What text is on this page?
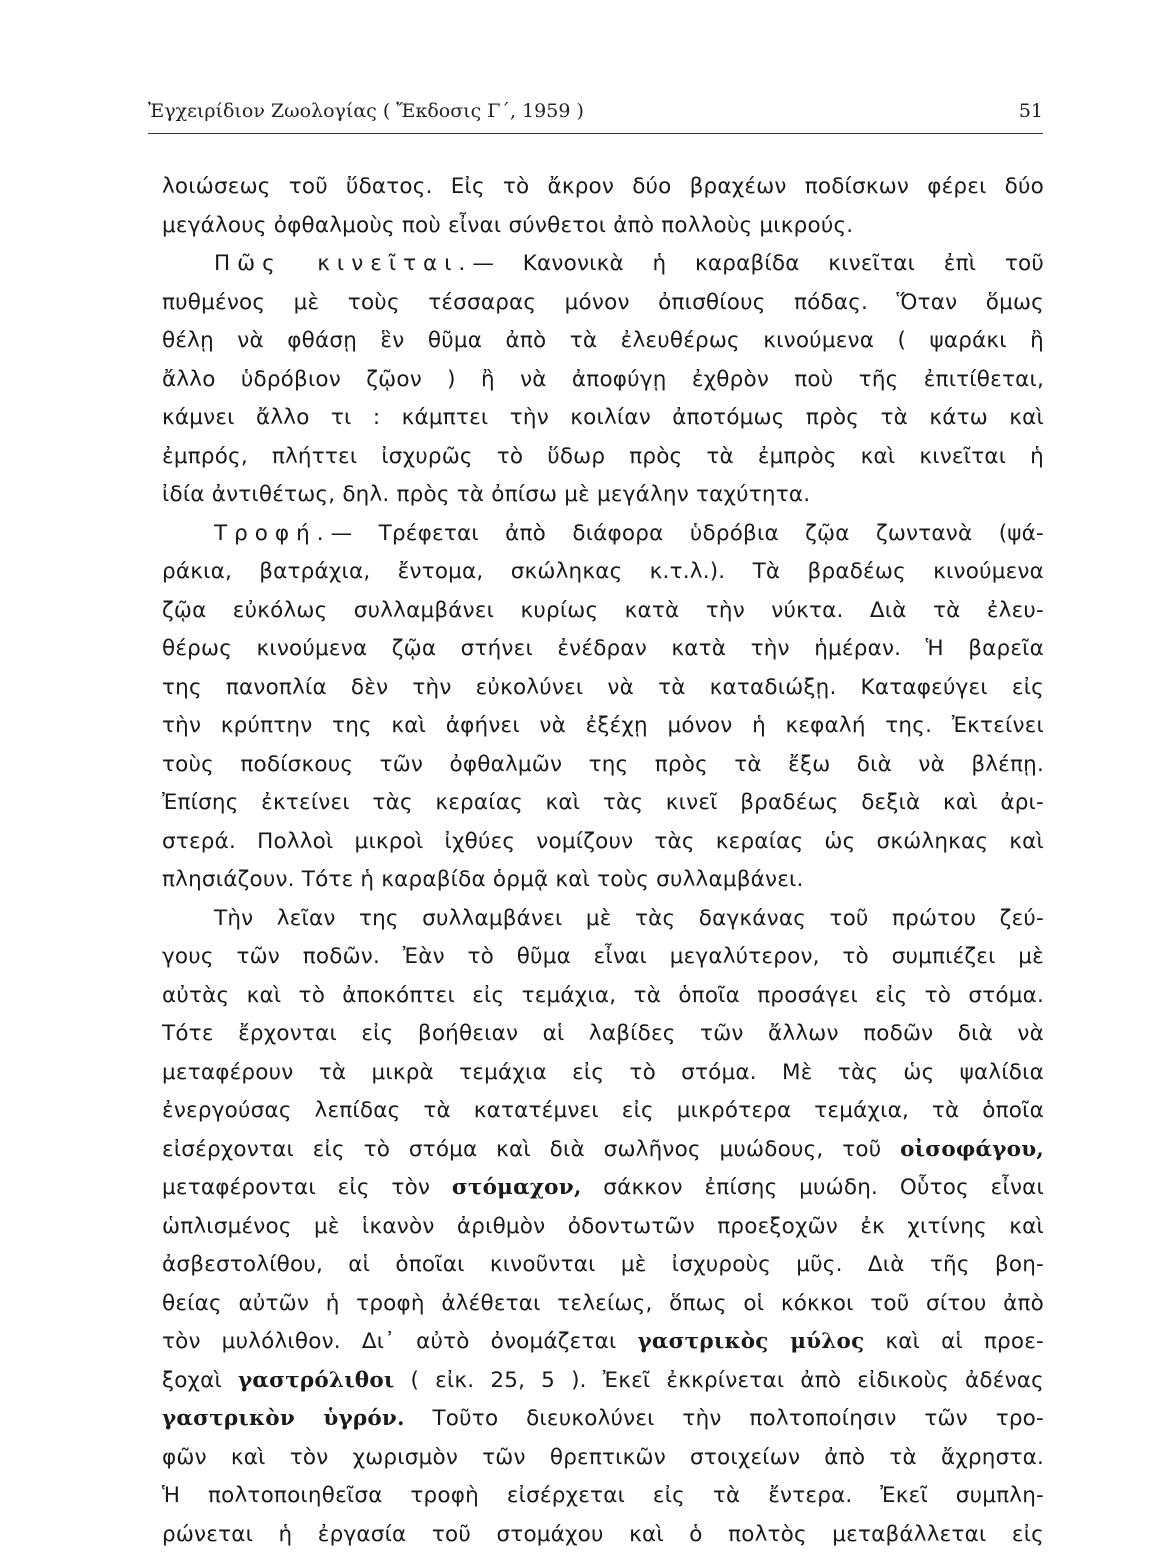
Ἐγχειρίδιον Ζωολογίας ( Ἔκδοσις Γ´, 1959 )	51
λοιώσεως τοῦ ὕδατος. Εἰς τὸ ἄκρον δύο βραχέων ποδίσκων φέρει δύο
μεγάλους ὀφθαλμοὺς ποὺ εἶναι σύνθετοι ἀπὸ πολλοὺς μικρούς.
Πῶς κινεῖται.— Κανονικὰ ἡ καραβίδα κινεῖται ἐπὶ τοῦ
πυθμένος μὲ τοὺς τέσσαρας μόνον ὀπισθίους πόδας. Ὅταν ὅμως
θέλῃ νὰ φθάσῃ ἓν θῦμα ἀπὸ τὰ ἐλευθέρως κινούμενα ( ψαράκι ἢ
ἄλλο ὑδρόβιον ζῷον ) ἢ νὰ ἀποφύγῃ ἐχθρὸν ποὺ τῆς ἐπιτίθεται,
κάμνει ἄλλο τι : κάμπτει τὴν κοιλίαν ἀποτόμως πρὸς τὰ κάτω καὶ
ἐμπρός, πλήττει ἰσχυρῶς τὸ ὕδωρ πρὸς τὰ ἐμπρὸς καὶ κινεῖται ἡ
ἰδία ἀντιθέτως, δηλ. πρὸς τὰ ὀπίσω μὲ μεγάλην ταχύτητα.
Τροφή.— Τρέφεται ἀπὸ διάφορα ὑδρόβια ζῷα ζωντανὰ (ψά-
ράκια, βατράχια, ἔντομα, σκώληκας κ.τ.λ.). Τὰ βραδέως κινούμενα
ζῷα εὐκόλως συλλαμβάνει κυρίως κατὰ τὴν νύκτα. Διὰ τὰ ἐλευ-
θέρως κινούμενα ζῷα στήνει ἐνέδραν κατὰ τὴν ἡμέραν. Ἡ βαρεῖα
της πανοπλία δὲν τὴν εὐκολύνει νὰ τὰ καταδιώξῃ. Καταφεύγει εἰς
τὴν κρύπτην της καὶ ἀφήνει νὰ ἐξέχῃ μόνον ἡ κεφαλή της. Ἐκτείνει
τοὺς ποδίσκους τῶν ὀφθαλμῶν της πρὸς τὰ ἔξω διὰ νὰ βλέπῃ.
Ἐπίσης ἐκτείνει τὰς κεραίας καὶ τὰς κινεῖ βραδέως δεξιὰ καὶ ἀρι-
στερά. Πολλοὶ μικροὶ ἰχθύες νομίζουν τὰς κεραίας ὡς σκώληκας καὶ
πλησιάζουν. Τότε ἡ καραβίδα ὁρμᾷ καὶ τοὺς συλλαμβάνει.
Τὴν λεῖαν της συλλαμβάνει μὲ τὰς δαγκάνας τοῦ πρώτου ζεύ-
γους τῶν ποδῶν. Ἐὰν τὸ θῦμα εἶναι μεγαλύτερον, τὸ συμπιέζει μὲ
αὐτὰς καὶ τὸ ἀποκόπτει εἰς τεμάχια, τὰ ὁποῖα προσάγει εἰς τὸ στόμα.
Τότε ἔρχονται εἰς βοήθειαν αἱ λαβίδες τῶν ἄλλων ποδῶν διὰ νὰ
μεταφέρουν τὰ μικρὰ τεμάχια εἰς τὸ στόμα. Μὲ τὰς ὡς ψαλίδια
ἐνεργούσας λεπίδας τὰ κατατέμνει εἰς μικρότερα τεμάχια, τὰ ὁποῖα
εἰσέρχονται εἰς τὸ στόμα καὶ διὰ σωλῆνος μυώδους, τοῦ οἰσοφάγου,
μεταφέρονται εἰς τὸν στόμαχον, σάκκον ἐπίσης μυώδη. Οὗτος εἶναι
ὡπλισμένος μὲ ἱκανὸν ἀριθμὸν ὀδοντωτῶν προεξοχῶν ἐκ χιτίνης καὶ
ἀσβεστολίθου, αἱ ὁποῖαι κινοῦνται μὲ ἰσχυροὺς μῦς. Διὰ τῆς βοη-
θείας αὐτῶν ἡ τροφὴ ἀλέθεται τελείως, ὅπως οἱ κόκκοι τοῦ σίτου ἀπὸ
τὸν μυλόλιθον. Δι᾽ αὐτὸ ὀνομάζεται γαστρικὸς μύλος καὶ αἱ προε-
ξοχαὶ γαστρόλιθοι ( εἰκ. 25, 5 ). Ἐκεῖ ἐκκρίνεται ἀπὸ εἰδικοὺς ἀδένας
γαστρικὸν ὑγρόν. Τοῦτο διευκολύνει τὴν πολτοποίησιν τῶν τρο-
φῶν καὶ τὸν χωρισμὸν τῶν θρεπτικῶν στοιχείων ἀπὸ τὰ ἄχρηστα.
Ἡ πολτοποιηθεῖσα τροφὴ εἰσέρχεται εἰς τὰ ἔντερα. Ἐκεῖ συμπλη-
ρώνεται ἡ ἐργασία τοῦ στομάχου καὶ ὁ πολτὸς μεταβάλλεται εἰς
